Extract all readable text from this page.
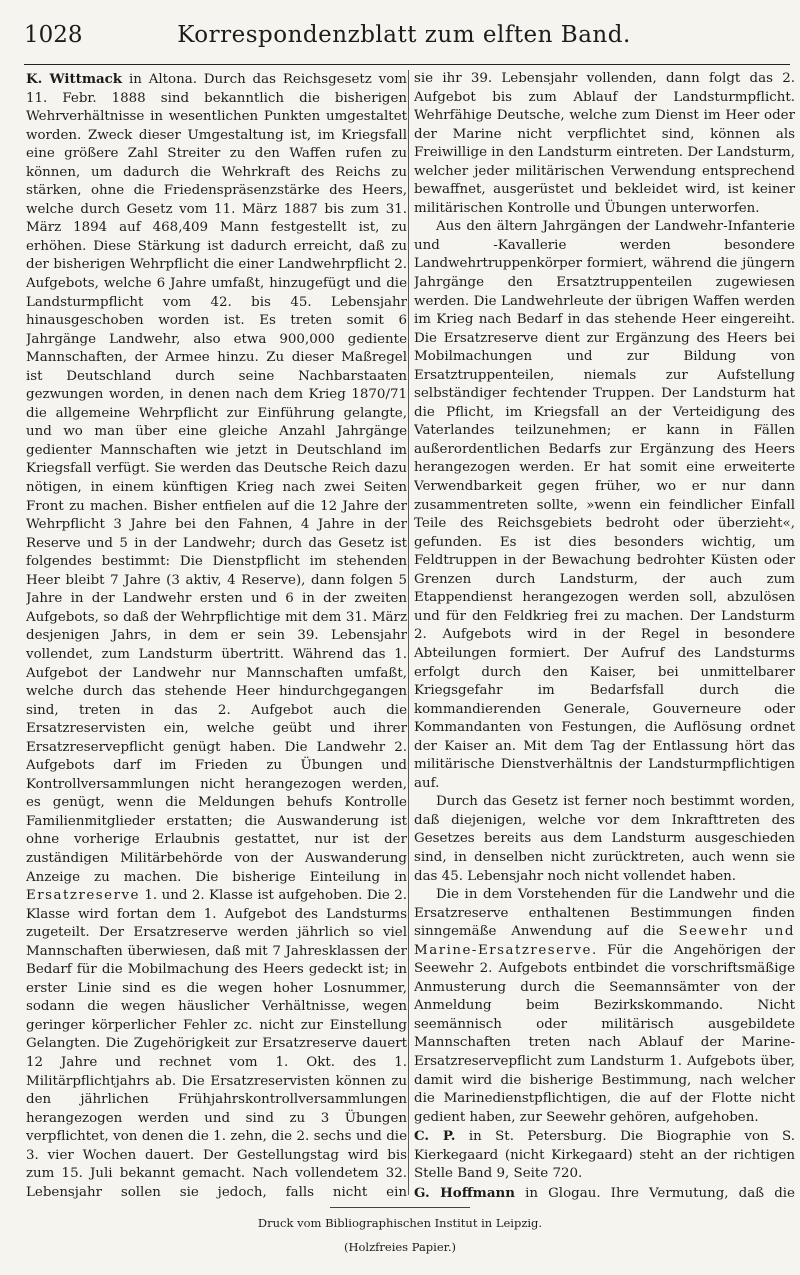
1028	Korrespondenzblatt zum elften Band.

K. Wittmack in Altona. Durch das Reichsgesetz vom 11. Febr. 1888 sind bekanntlich die bisherigen Wehrverhältnisse in wesentlichen Punkten umgestaltet worden. Zweck dieser Umgestaltung ist, im Kriegsfall eine größere Zahl Streiter zu den Waffen rufen zu können, um dadurch die Wehrkraft des Reichs zu stärken, ohne die Friedenspräsenzstärke des Heers, welche durch Gesetz vom 11. März 1887 bis zum 31. März 1894 auf 468,409 Mann festgestellt ist, zu erhöhen. Diese Stärkung ist dadurch erreicht, daß zu der bisherigen Wehrpflicht die einer Landwehrpflicht 2. Aufgebots, welche 6 Jahre umfaßt, hinzugefügt und die Landsturmpflicht vom 42. bis 45. Lebensjahr hinausgeschoben worden ist. Es treten somit 6 Jahrgänge Landwehr, also etwa 900,000 gediente Mannschaften, der Armee hinzu. Zu dieser Maßregel ist Deutschland durch seine Nachbarstaaten gezwungen worden, in denen nach dem Krieg 1870/71 die allgemeine Wehrpflicht zur Einführung gelangte, und wo man über eine gleiche Anzahl Jahrgänge gedienter Mannschaften wie jetzt in Deutschland im Kriegsfall verfügt. Sie werden das Deutsche Reich dazu nötigen, in einem künftigen Krieg nach zwei Seiten Front zu machen. Bisher entfielen auf die 12 Jahre der Wehrpflicht 3 Jahre bei den Fahnen, 4 Jahre in der Reserve und 5 in der Landwehr; durch das Gesetz ist folgendes bestimmt: Die Dienstpflicht im stehenden Heer bleibt 7 Jahre (3 aktiv, 4 Reserve), dann folgen 5 Jahre in der Landwehr ersten und 6 in der zweiten Aufgebots, so daß der Wehrpflichtige mit dem 31. März desjenigen Jahrs, in dem er sein 39. Lebensjahr vollendet, zum Landsturm übertritt. Während das 1. Aufgebot der Landwehr nur Mannschaften umfaßt, welche durch das stehende Heer hindurchgegangen sind, treten in das 2. Aufgebot auch die Ersatzreservisten ein, welche geübt und ihrer Ersatzreservepflicht genügt haben. Die Landwehr 2. Aufgebots darf im Frieden zu Übungen und Kontrollversammlungen nicht herangezogen werden, es genügt, wenn die Meldungen behufs Kontrolle Familienmitglieder erstatten; die Auswanderung ist ohne vorherige Erlaubnis gestattet, nur ist der zuständigen Militärbehörde von der Auswanderung Anzeige zu machen. Die bisherige Einteilung in Ersatzreserve 1. und 2. Klasse ist aufgehoben. Die 2. Klasse wird fortan dem 1. Aufgebot des Landsturms zugeteilt. Der Ersatzreserve werden jährlich so viel Mannschaften überwiesen, daß mit 7 Jahresklassen der Bedarf für die Mobilmachung des Heers gedeckt ist; in erster Linie sind es die wegen hoher Losnummer, sodann die wegen häuslicher Verhältnisse, wegen geringer körperlicher Fehler zc. nicht zur Einstellung Gelangten. Die Zugehörigkeit zur Ersatzreserve dauert 12 Jahre und rechnet vom 1. Okt. des 1. Militärpflichtjahrs ab. Die Ersatzreservisten können zu den jährlichen Frühjahrskontrollversammlungen herangezogen werden und sind zu 3 Übungen verpflichtet, von denen die 1. zehn, die 2. sechs und die 3. vier Wochen dauert. Der Gestellungstag wird bis zum 15. Juli bekannt gemacht. Nach vollendetem 32. Lebensjahr sollen sie jedoch, falls nicht ein

sie ihr 39. Lebensjahr vollenden, dann folgt das 2. Aufgebot bis zum Ablauf der Landsturmpflicht. Wehrfähige Deutsche, welche zum Dienst im Heer oder der Marine nicht verpflichtet sind, können als Freiwillige in den Landsturm eintreten. Der Landsturm, welcher jeder militärischen Verwendung entsprechend bewaffnet, ausgerüstet und bekleidet wird, ist keiner militärischen Kontrolle und Übungen unterworfen.

Aus den ältern Jahrgängen der Landwehr-Infanterie und -Kavallerie werden besondere Landwehrtruppenkörper formiert, während die jüngern Jahrgänge den Ersatztruppenteilen zugewiesen werden. Die Landwehrleute der übrigen Waffen werden im Krieg nach Bedarf in das stehende Heer eingereiht. Die Ersatzreserve dient zur Ergänzung des Heers bei Mobilmachungen und zur Bildung von Ersatztruppenteilen, niemals zur Aufstellung selbständiger fechtender Truppen. Der Landsturm hat die Pflicht, im Kriegsfall an der Verteidigung des Vaterlandes teilzunehmen; er kann in Fällen außerordentlichen Bedarfs zur Ergänzung des Heers herangezogen werden. Er hat somit eine erweiterte Verwendbarkeit gegen früher, wo er nur dann zusammentreten sollte, »wenn ein feindlicher Einfall Teile des Reichsgebiets bedroht oder überzieht«, gefunden. Es ist dies besonders wichtig, um Feldtruppen in der Bewachung bedrohter Küsten oder Grenzen durch Landsturm, der auch zum Etappendienst herangezogen werden soll, abzulösen und für den Feldkrieg frei zu machen. Der Landsturm 2. Aufgebots wird in der Regel in besondere Abteilungen formiert. Der Aufruf des Landsturms erfolgt durch den Kaiser, bei unmittelbarer Kriegsgefahr im Bedarfsfall durch die kommandierenden Generale, Gouverneure oder Kommandanten von Festungen, die Auflösung ordnet der Kaiser an. Mit dem Tag der Entlassung hört das militärische Dienstverhältnis der Landsturmpflichtigen auf.

Durch das Gesetz ist ferner noch bestimmt worden, daß diejenigen, welche vor dem Inkrafttreten des Gesetzes bereits aus dem Landsturm ausgeschieden sind, in denselben nicht zurücktreten, auch wenn sie das 45. Lebensjahr noch nicht vollendet haben.

Die in dem Vorstehenden für die Landwehr und die Ersatzreserve enthaltenen Bestimmungen finden sinngemäße Anwendung auf die Seewehr und Marine-Ersatzreserve. Für die Angehörigen der Seewehr 2. Aufgebots entbindet die vorschriftsmäßige Anmusterung durch die Seemannsämter von der Anmeldung beim Bezirkskommando. Nicht seemännisch oder militärisch ausgebildete Mannschaften treten nach Ablauf der Marine-Ersatzreservepflicht zum Landsturm 1. Aufgebots über, damit wird die bisherige Bestimmung, nach welcher die Marinedienstpflichtigen, die auf der Flotte nicht gedient haben, zur Seewehr gehören, aufgehoben.

C. P. in St. Petersburg. Die Biographie von S. Kierkegaard (nicht Kirkegaard) steht an der richtigen Stelle Band 9, Seite 720.

G. Hoffmann in Glogau. Ihre Vermutung, daß die

Druck vom Bibliographischen Institut in Leipzig.
(Holzfreies Papier.)
